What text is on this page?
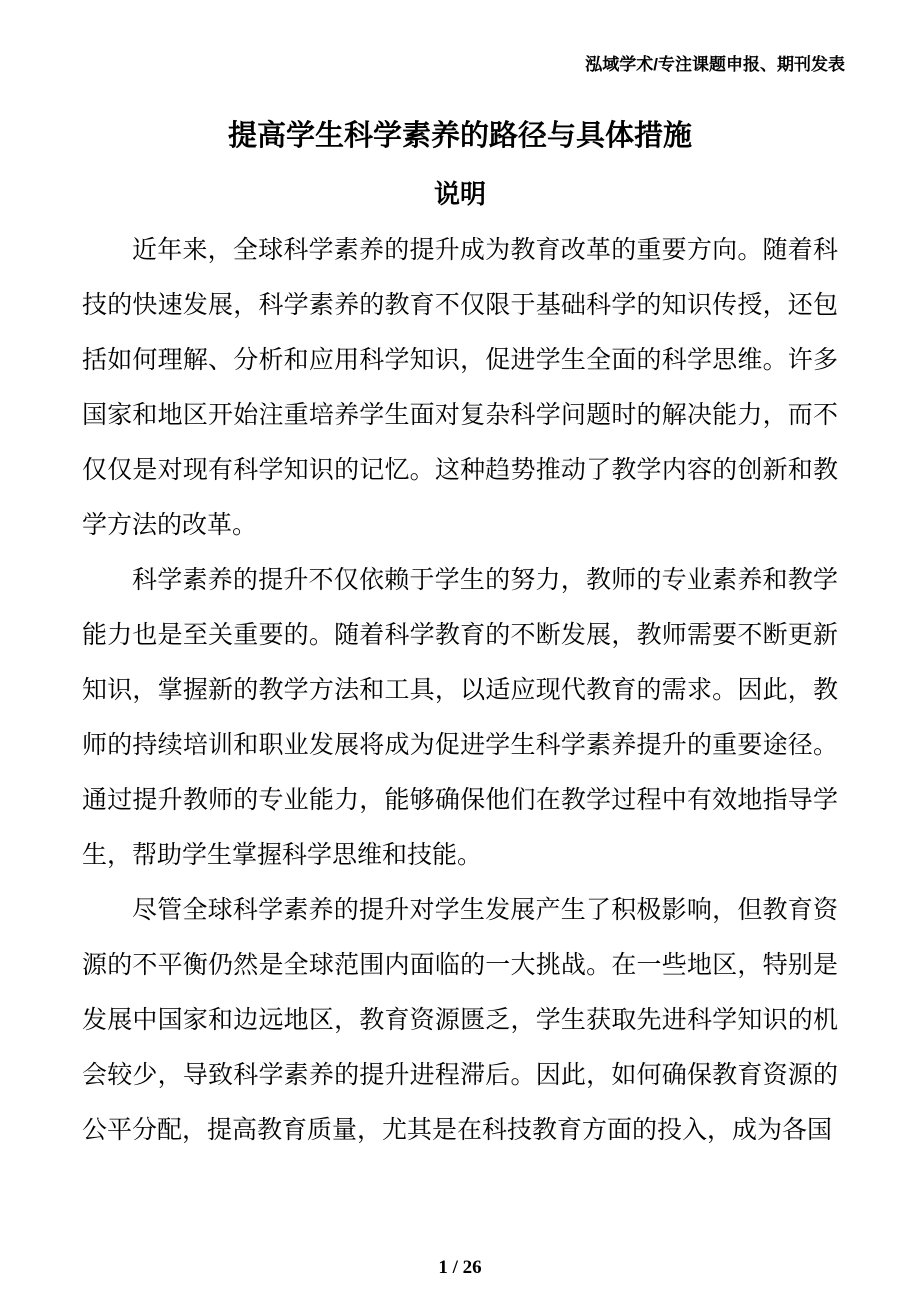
泓域学术/专注课题申报、期刊发表
提高学生科学素养的路径与具体措施
说明

近年来，全球科学素养的提升成为教育改革的重要方向。随着科技的快速发展，科学素养的教育不仅限于基础科学的知识传授，还包括如何理解、分析和应用科学知识，促进学生全面的科学思维。许多国家和地区开始注重培养学生面对复杂科学问题时的解决能力，而不仅仅是对现有科学知识的记忆。这种趋势推动了教学内容的创新和教学方法的改革。

科学素养的提升不仅依赖于学生的努力，教师的专业素养和教学能力也是至关重要的。随着科学教育的不断发展，教师需要不断更新知识，掌握新的教学方法和工具，以适应现代教育的需求。因此，教师的持续培训和职业发展将成为促进学生科学素养提升的重要途径。通过提升教师的专业能力，能够确保他们在教学过程中有效地指导学生，帮助学生掌握科学思维和技能。

尽管全球科学素养的提升对学生发展产生了积极影响，但教育资源的不平衡仍然是全球范围内面临的一大挑战。在一些地区，特别是发展中国家和边远地区，教育资源匮乏，学生获取先进科学知识的机会较少，导致科学素养的提升进程滞后。因此，如何确保教育资源的公平分配，提高教育质量，尤其是在科技教育方面的投入，成为各国

1 / 26
